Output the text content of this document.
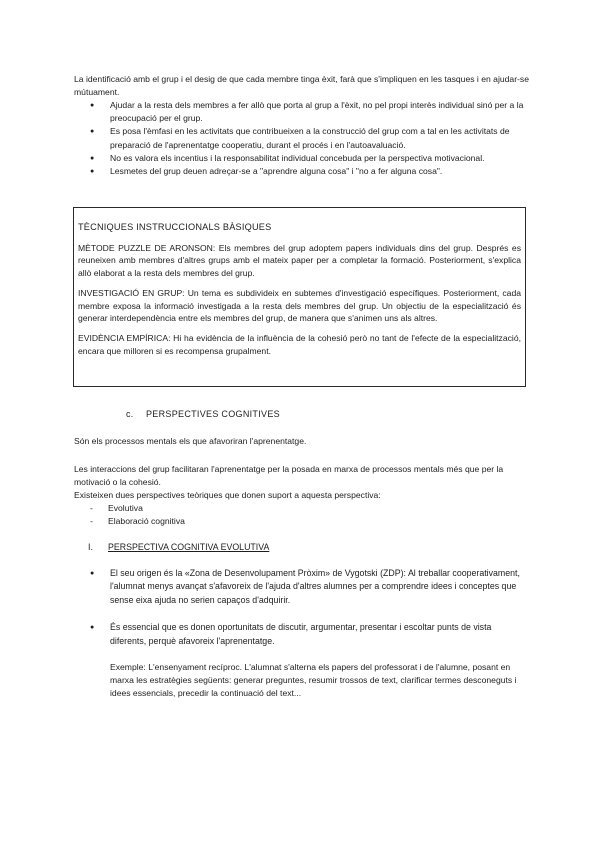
La identificació amb el grup i el desig de que cada membre tinga èxit, farà que s'impliquen en les tasques i en ajudar-se mútuament.

● Ajudar a la resta dels membres a fer allò que porta al grup a l'èxit, no pel propi interès individual sinó per a la preocupació per el grup.
● Es posa l'èmfasi en les activitats que contribueixen a la construcció del grup com a tal en les activitats de preparació de l'aprenentatge cooperatiu, durant el procés i en l'autoavaluació.
● No es valora els incentius i la responsabilitat individual concebuda per la perspectiva motivacional.
● Lesmetes del grup deuen adreçar-se a "aprendre alguna cosa" i "no a fer alguna cosa".

TÈCNIQUES INSTRUCCIONALS BÀSIQUES

MÈTODE PUZZLE DE ARONSON: Els membres del grup adoptem papers individuals dins del grup. Després es reuneixen amb membres d'altres grups amb el mateix paper per a completar la formació. Posteriorment, s'explica allò elaborat a la resta dels membres del grup.

INVESTIGACIÓ EN GRUP: Un tema es subdivideix en subtemes d'investigació específiques. Posteriorment, cada membre exposa la informació investigada a la resta dels membres del grup. Un objectiu de la especialització és generar interdependència entre els membres del grup, de manera que s'animen uns als altres.

EVIDÈNCIA EMPÍRICA: Hi ha evidència de la influència de la cohesió però no tant de l'efecte de la especialització, encara que milloren si es recompensa grupalment.

c. PERSPECTIVES COGNITIVES

Són els processos mentals els que afavoriran l'aprenentatge.

Les interaccions del grup facilitaran l'aprenentatge per la posada en marxa de processos mentals més que per la motivació o la cohesió.

Existeixen dues perspectives teòriques que donen suport a aquesta perspectiva:

- Evolutiva
- Elaboració cognitiva

I. PERSPECTIVA COGNITIVA EVOLUTIVA

● El seu origen és la «Zona de Desenvolupament Pròxim» de Vygotski (ZDP): Al treballar cooperativament, l'alumnat menys avançat s'afavoreix de l'ajuda d'altres alumnes per a comprendre idees i conceptes que sense eixa ajuda no serien capaços d'adquirir.
● És essencial que es donen oportunitats de discutir, argumentar, presentar i escoltar punts de vista diferents, perquè afavoreix l'aprenentatge.

Exemple: L'ensenyament recíproc. L'alumnat s'alterna els papers del professorat i de l'alumne, posant en marxa les estratègies següents: generar preguntes, resumir trossos de text, clarificar termes desconeguts i idees essencials, precedir la continuació del text...
